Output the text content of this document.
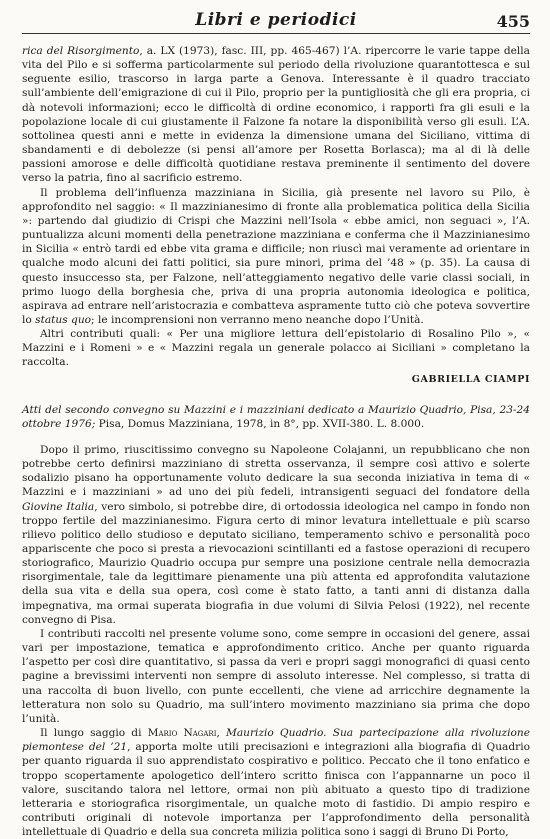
Libri e periodici	455

rica del Risorgimento, a. LX (1973), fasc. III, pp. 465-467) l’A. ripercorre le varie tappe della vita del Pilo e si sofferma particolarmente sul periodo della rivoluzione quarantottesca e sul seguente esilio, trascorso in larga parte a Genova. Interessante è il quadro tracciato sull’ambiente dell’emigrazione di cui il Pilo, proprio per la puntigliosità che gli era propria, ci dà notevoli informazioni; ecco le difficoltà di ordine economico, i rapporti fra gli esuli e la popolazione locale di cui giustamente il Falzone fa notare la disponibilità verso gli esuli. L’A. sottolinea questi anni e mette in evidenza la dimensione umana del Siciliano, vittima di sbandamenti e di debolezze (si pensi all’amore per Rosetta Borlasca); ma al di là delle passioni amorose e delle difficoltà quotidiane restava preminente il sentimento del dovere verso la patria, fino al sacrificio estremo.

Il problema dell’influenza mazziniana in Sicilia, già presente nel lavoro su Pilo, è approfondito nel saggio: « Il mazzinianesimo di fronte alla problematica politica della Sicilia »: partendo dal giudizio di Crispi che Mazzini nell’Isola « ebbe amici, non seguaci », l’A. puntualizza alcuni momenti della penetrazione mazziniana e conferma che il Mazzinianesimo in Sicilia « entrò tardi ed ebbe vita grama e difficile; non riuscì mai veramente ad orientare in qualche modo alcuni dei fatti politici, sia pure minori, prima del ’48 » (p. 35). La causa di questo insuccesso sta, per Falzone, nell’atteggiamento negativo delle varie classi sociali, in primo luogo della borghesia che, priva di una propria autonomia ideologica e politica, aspirava ad entrare nell’aristocrazia e combatteva aspramente tutto ciò che poteva sovvertire lo status quo; le incomprensioni non verranno meno neanche dopo l’Unità.

Altri contributi quali: « Per una migliore lettura dell’epistolario di Rosalino Pilo », « Mazzini e i Romeni » e « Mazzini regala un generale polacco ai Siciliani » completano la raccolta.

GABRIELLA CIAMPI

Atti del secondo convegno su Mazzini e i mazziniani dedicato a Maurizio Quadrio, Pisa, 23-24 ottobre 1976; Pisa, Domus Mazziniana, 1978, in 8°, pp. XVII-380. L. 8.000.

Dopo il primo, riuscitissimo convegno su Napoleone Colajanni, un repubblicano che non potrebbe certo definirsi mazziniano di stretta osservanza, il sempre così attivo e solerte sodalizio pisano ha opportunamente voluto dedicare la sua seconda iniziativa in tema di « Mazzini e i mazziniani » ad uno dei più fedeli, intransigenti seguaci del fondatore della Giovine Italia, vero simbolo, si potrebbe dire, di ortodossia ideologica nel campo in fondo non troppo fertile del mazzinianesimo. Figura certo di minor levatura intellettuale e più scarso rilievo politico dello studioso e deputato siciliano, temperamento schivo e personalità poco appariscente che poco si presta a rievocazioni scintillanti ed a fastose operazioni di recupero storiografico, Maurizio Quadrio occupa pur sempre una posizione centrale nella democrazia risorgimentale, tale da legittimare pienamente una più attenta ed approfondita valutazione della sua vita e della sua opera, così come è stato fatto, a tanti anni di distanza dalla impegnativa, ma ormai superata biografia in due volumi di Silvia Pelosi (1922), nel recente convegno di Pisa.

I contributi raccolti nel presente volume sono, come sempre in occasioni del genere, assai vari per impostazione, tematica e approfondimento critico. Anche per quanto riguarda l’aspetto per così dire quantitativo, si passa da veri e propri saggi monografici di quasi cento pagine a brevissimi interventi non sempre di assoluto interesse. Nel complesso, si tratta di una raccolta di buon livello, con punte eccellenti, che viene ad arricchire degnamente la letteratura non solo su Quadrio, ma sull’intero movimento mazziniano sia prima che dopo l’unità.

Il lungo saggio di Mario Nagari, Maurizio Quadrio. Sua partecipazione alla rivoluzione piemontese del ’21, apporta molte utili precisazioni e integrazioni alla biografia di Quadrio per quanto riguarda il suo apprendistato cospirativo e politico. Peccato che il tono enfatico e troppo scopertamente apologetico dell’intero scritto finisca con l’appannarne un poco il valore, suscitando talora nel lettore, ormai non più abituato a questo tipo di tradizione letteraria e storiografica risorgimentale, un qualche moto di fastidio. Di ampio respiro e contributi originali di notevole importanza per l’approfondimento della personalità intellettuale di Quadrio e della sua concreta milizia politica sono i saggi di Bruno Di Porto,
